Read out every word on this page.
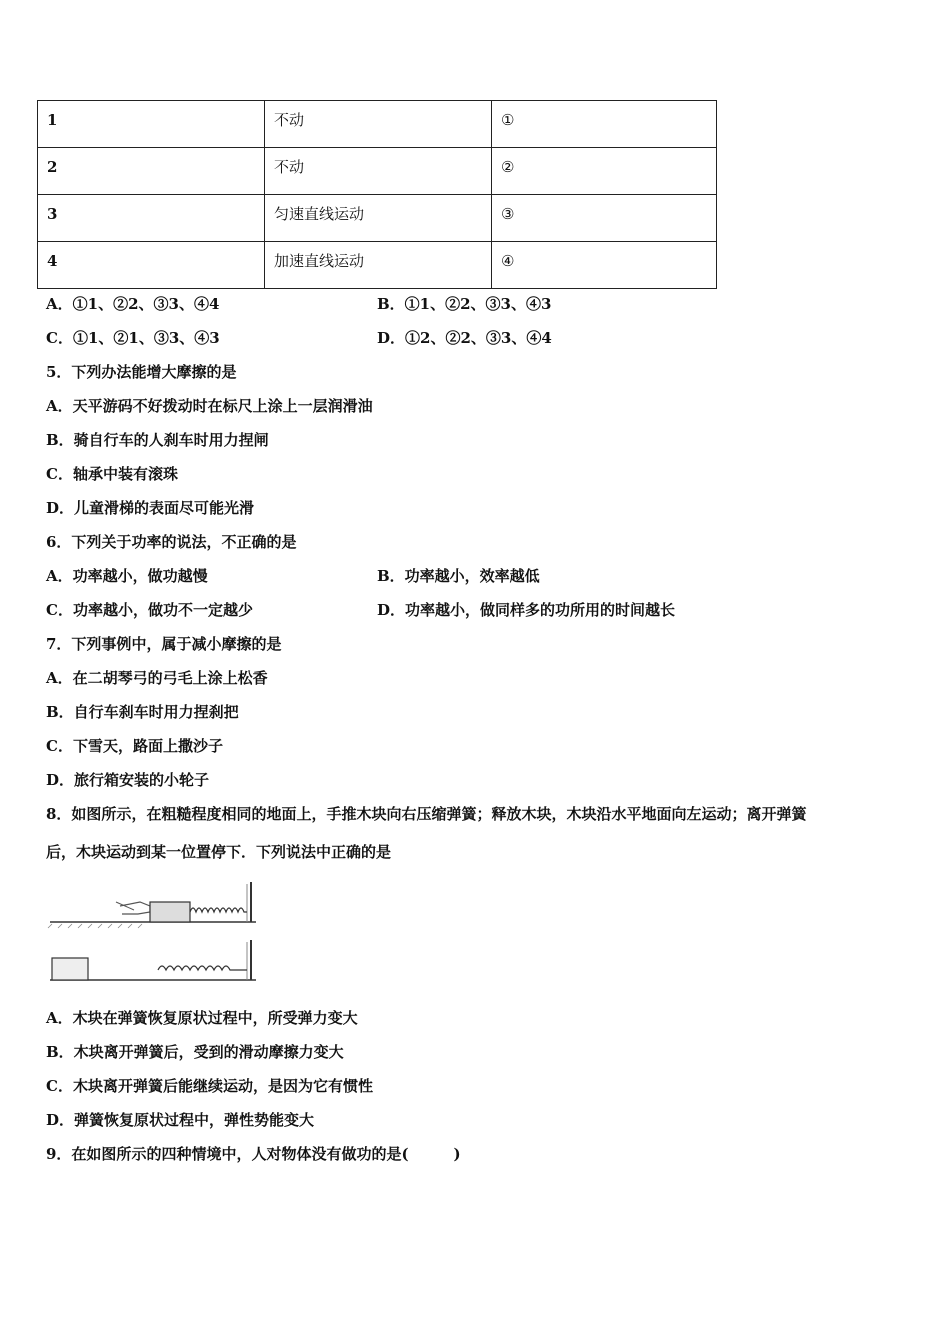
1	不动	①
2	不动	②
3	匀速直线运动	③
4	加速直线运动	④
A．①1、②2、③3、④4	B．①1、②2、③3、④3
C．①1、②1、③3、④3	D．①2、②2、③3、④4
5．下列办法能增大摩擦的是
A．天平游码不好拨动时在标尺上涂上一层润滑油
B．骑自行车的人刹车时用力捏闸
C．轴承中装有滚珠
D．儿童滑梯的表面尽可能光滑
6．下列关于功率的说法，不正确的是
A．功率越小，做功越慢	B．功率越小，效率越低
C．功率越小，做功不一定越少	D．功率越小，做同样多的功所用的时间越长
7．下列事例中，属于减小摩擦的是
A．在二胡琴弓的弓毛上涂上松香
B．自行车刹车时用力捏刹把
C．下雪天，路面上撒沙子
D．旅行箱安装的小轮子
8．如图所示，在粗糙程度相同的地面上，手推木块向右压缩弹簧；释放木块，木块沿水平地面向左运动；离开弹簧
后，木块运动到某一位置停下．下列说法中正确的是
A．木块在弹簧恢复原状过程中，所受弹力变大
B．木块离开弹簧后，受到的滑动摩擦力变大
C．木块离开弹簧后能继续运动，是因为它有惯性
D．弹簧恢复原状过程中，弹性势能变大
9．在如图所示的四种情境中，人对物体没有做功的是(　　　)
